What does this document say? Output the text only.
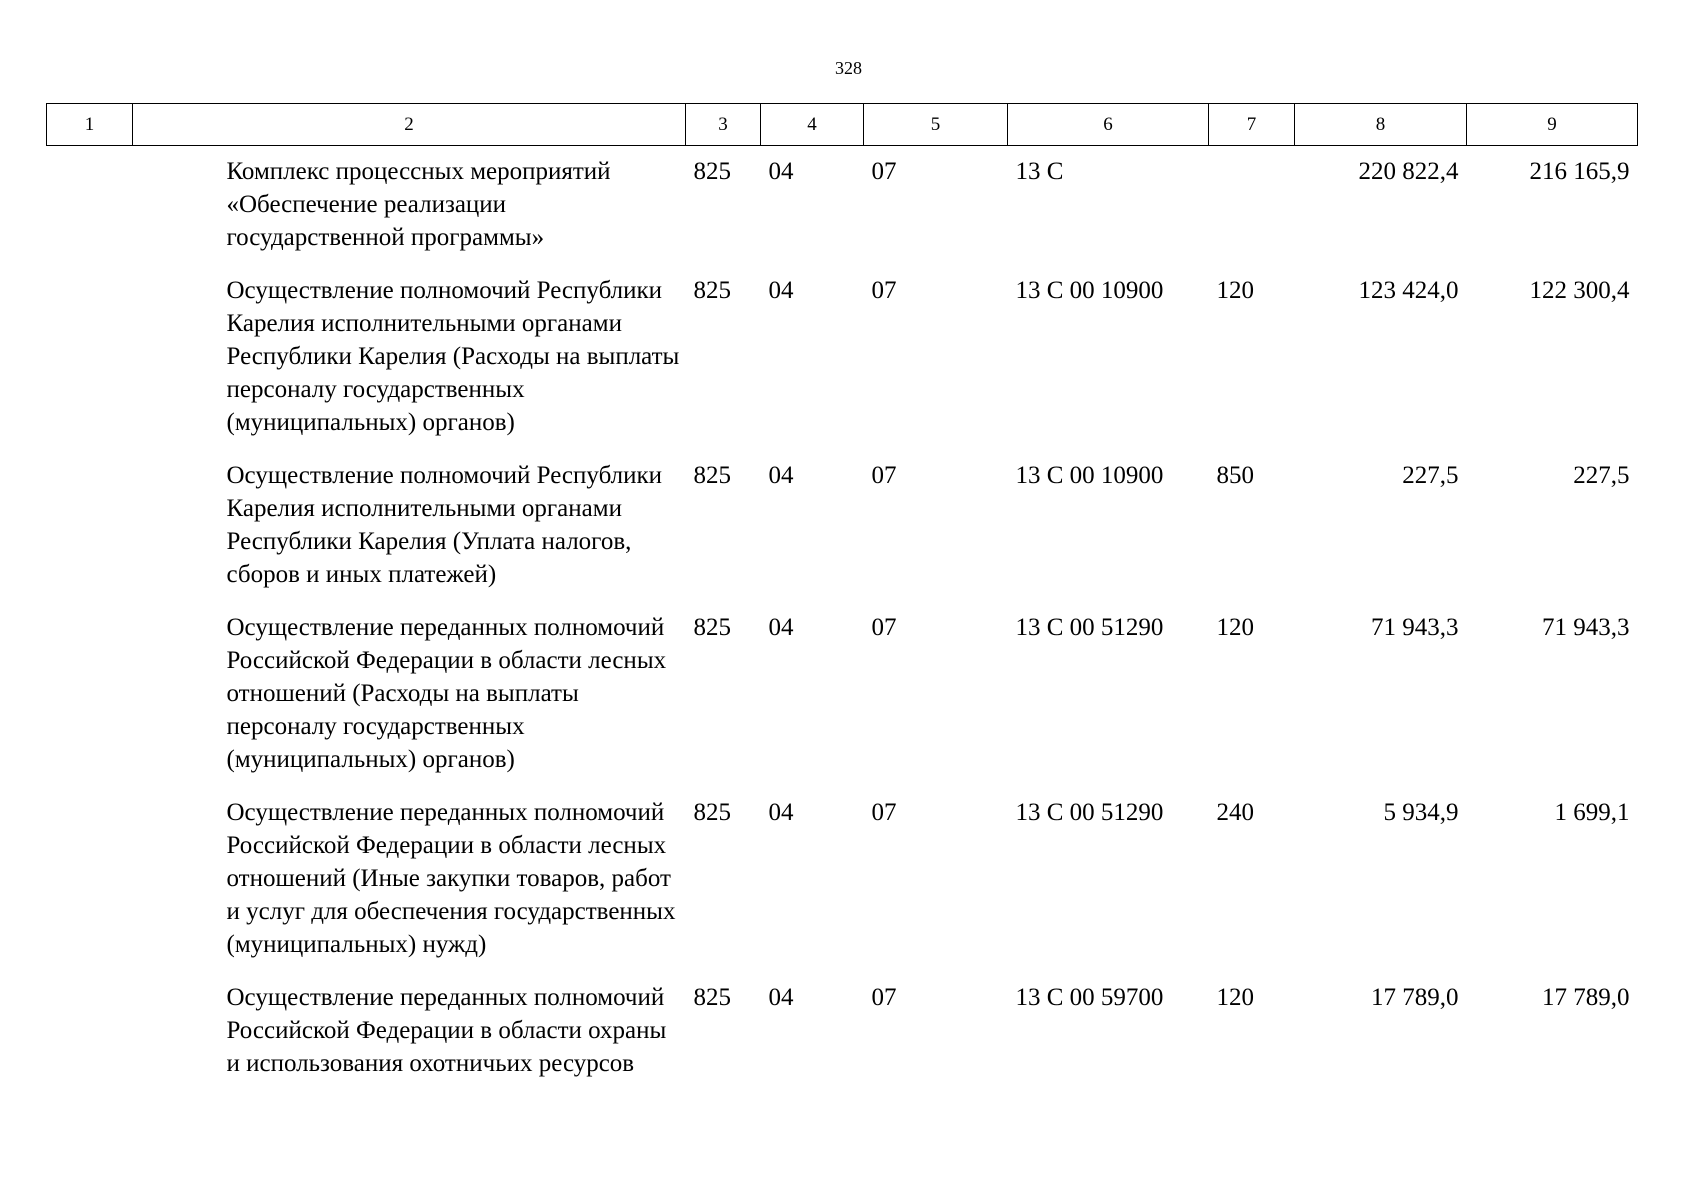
328
1	2	3	4	5	6	7	8	9
	Комплекс процессных мероприятий «Обеспечение реализации государственной программы»	825	04	07	13 С		220 822,4	216 165,9
	Осуществление полномочий Республики Карелия исполнительными органами Республики Карелия (Расходы на выплаты персоналу государственных (муниципальных) органов)	825	04	07	13 С 00 10900	120	123 424,0	122 300,4
	Осуществление полномочий Республики Карелия исполнительными органами Республики Карелия (Уплата налогов, сборов и иных платежей)	825	04	07	13 С 00 10900	850	227,5	227,5
	Осуществление переданных полномочий Российской Федерации в области лесных отношений (Расходы на выплаты персоналу государственных (муниципальных) органов)	825	04	07	13 С 00 51290	120	71 943,3	71 943,3
	Осуществление переданных полномочий Российской Федерации в области лесных отношений (Иные закупки товаров, работ и услуг для обеспечения государственных (муниципальных) нужд)	825	04	07	13 С 00 51290	240	5 934,9	1 699,1
	Осуществление переданных полномочий Российской Федерации в области охраны и использования охотничьих ресурсов	825	04	07	13 С 00 59700	120	17 789,0	17 789,0
